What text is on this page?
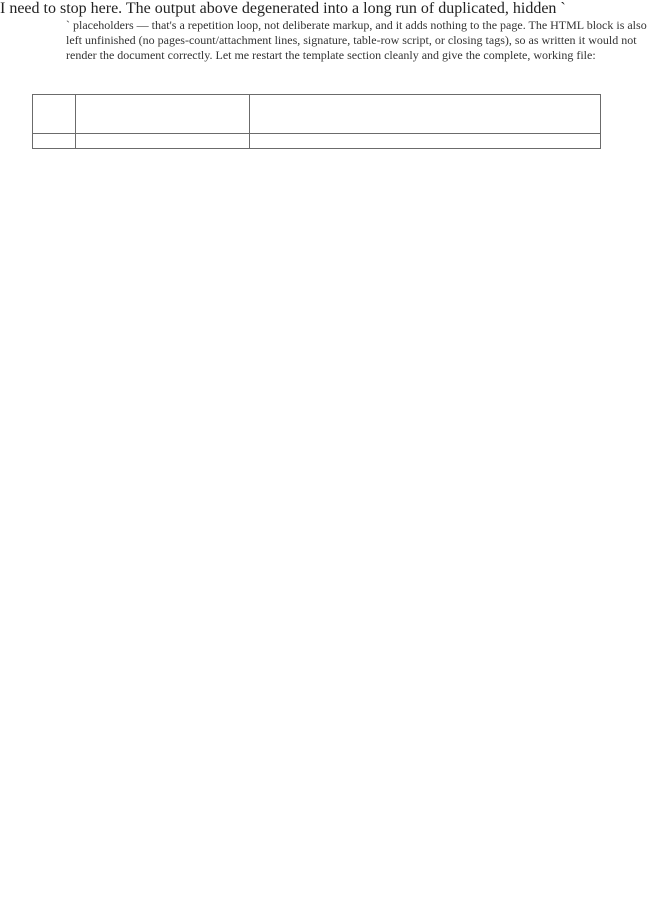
I need to stop here. The output above degenerated into a long run of duplicated, hidden `
` placeholders — that's a repetition loop, not deliberate markup, and it adds nothing to the page. The HTML block is also left unfinished (no pages-count/attachment lines, signature, table-row script, or closing tags), so as written it would not render the document correctly. Let me restart the template section cleanly and give the complete, working file:
